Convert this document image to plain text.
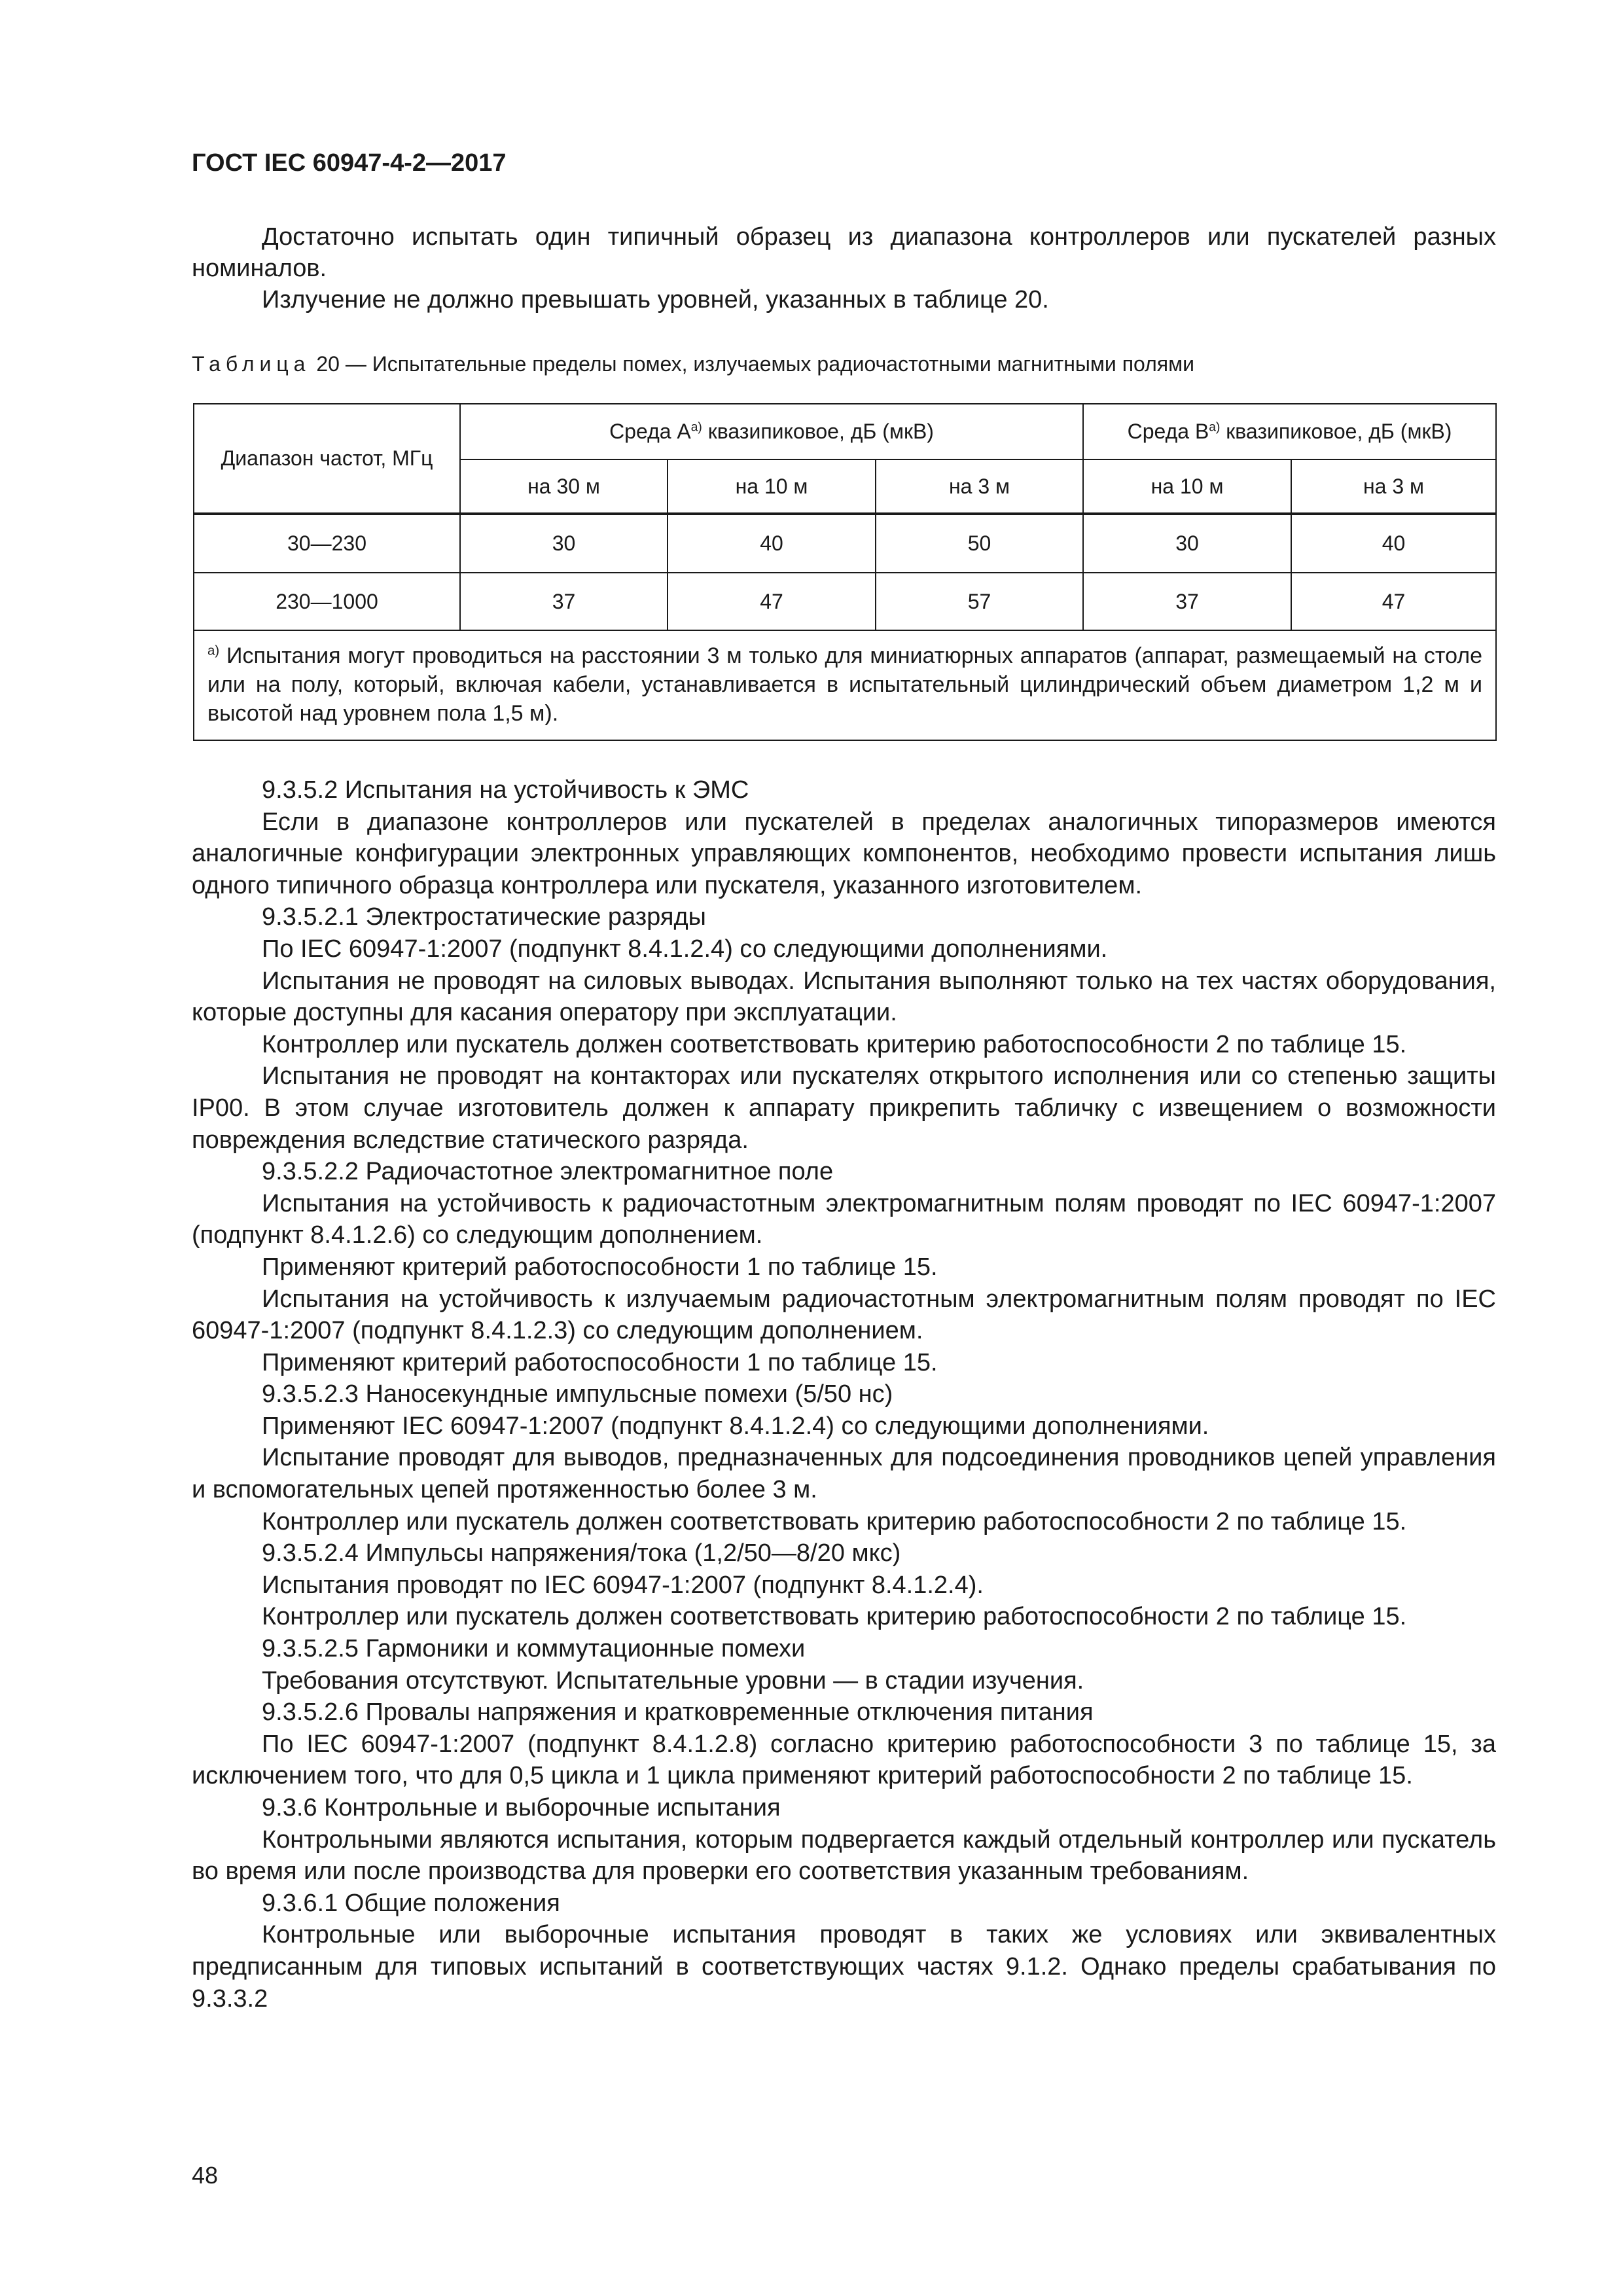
ГОСТ IEC 60947-4-2—2017

Достаточно испытать один типичный образец из диапазона контроллеров или пускателей разных номиналов.

Излучение не должно превышать уровней, указанных в таблице 20.

Таблица 20 — Испытательные пределы помех, излучаемых радиочастотными магнитными полями
Диапазон частот, МГц	Среда $А^{а)}$ квазипиковое, дБ (мкВ)			Среда $В^{а)}$ квазипиковое, дБ (мкВ)	
	на 30 м	на 10 м	на 3 м	на 10 м	на 3 м
30—230	30	40	50	30	40
230—1000	37	47	57	37	47
$^{а)}$ Испытания могут проводиться на расстоянии 3 м только для миниатюрных аппаратов (аппарат, размещаемый на столе или на полу, который, включая кабели, устанавливается в испытательный цилиндрический объем диаметром 1,2 м и высотой над уровнем пола 1,5 м).					

9.3.5.2 Испытания на устойчивость к ЭМС

Если в диапазоне контроллеров или пускателей в пределах аналогичных типоразмеров имеются аналогичные конфигурации электронных управляющих компонентов, необходимо провести испытания лишь одного типичного образца контроллера или пускателя, указанного изготовителем.

9.3.5.2.1 Электростатические разряды

По IEC 60947-1:2007 (подпункт 8.4.1.2.4) со следующими дополнениями.

Испытания не проводят на силовых выводах. Испытания выполняют только на тех частях оборудования, которые доступны для касания оператору при эксплуатации.

Контроллер или пускатель должен соответствовать критерию работоспособности 2 по таблице 15.

Испытания не проводят на контакторах или пускателях открытого исполнения или со степенью защиты IP00. В этом случае изготовитель должен к аппарату прикрепить табличку с извещением о возможности повреждения вследствие статического разряда.

9.3.5.2.2 Радиочастотное электромагнитное поле

Испытания на устойчивость к радиочастотным электромагнитным полям проводят по IEC 60947-1:2007 (подпункт 8.4.1.2.6) со следующим дополнением.

Применяют критерий работоспособности 1 по таблице 15.

Испытания на устойчивость к излучаемым радиочастотным электромагнитным полям проводят по IEC 60947-1:2007 (подпункт 8.4.1.2.3) со следующим дополнением.

Применяют критерий работоспособности 1 по таблице 15.

9.3.5.2.3 Наносекундные импульсные помехи (5/50 нс)

Применяют IEC 60947-1:2007 (подпункт 8.4.1.2.4) со следующими дополнениями.

Испытание проводят для выводов, предназначенных для подсоединения проводников цепей управления и вспомогательных цепей протяженностью более 3 м.

Контроллер или пускатель должен соответствовать критерию работоспособности 2 по таблице 15.

9.3.5.2.4 Импульсы напряжения/тока (1,2/50—8/20 мкс)

Испытания проводят по IEC 60947-1:2007 (подпункт 8.4.1.2.4).

Контроллер или пускатель должен соответствовать критерию работоспособности 2 по таблице 15.

9.3.5.2.5 Гармоники и коммутационные помехи

Требования отсутствуют. Испытательные уровни — в стадии изучения.

9.3.5.2.6 Провалы напряжения и кратковременные отключения питания

По IEC 60947-1:2007 (подпункт 8.4.1.2.8) согласно критерию работоспособности 3 по таблице 15, за исключением того, что для 0,5 цикла и 1 цикла применяют критерий работоспособности 2 по таблице 15.

9.3.6 Контрольные и выборочные испытания

Контрольными являются испытания, которым подвергается каждый отдельный контроллер или пускатель во время или после производства для проверки его соответствия указанным требованиям.

9.3.6.1 Общие положения

Контрольные или выборочные испытания проводят в таких же условиях или эквивалентных предписанным для типовых испытаний в соответствующих частях 9.1.2. Однако пределы срабатывания по 9.3.3.2

48
